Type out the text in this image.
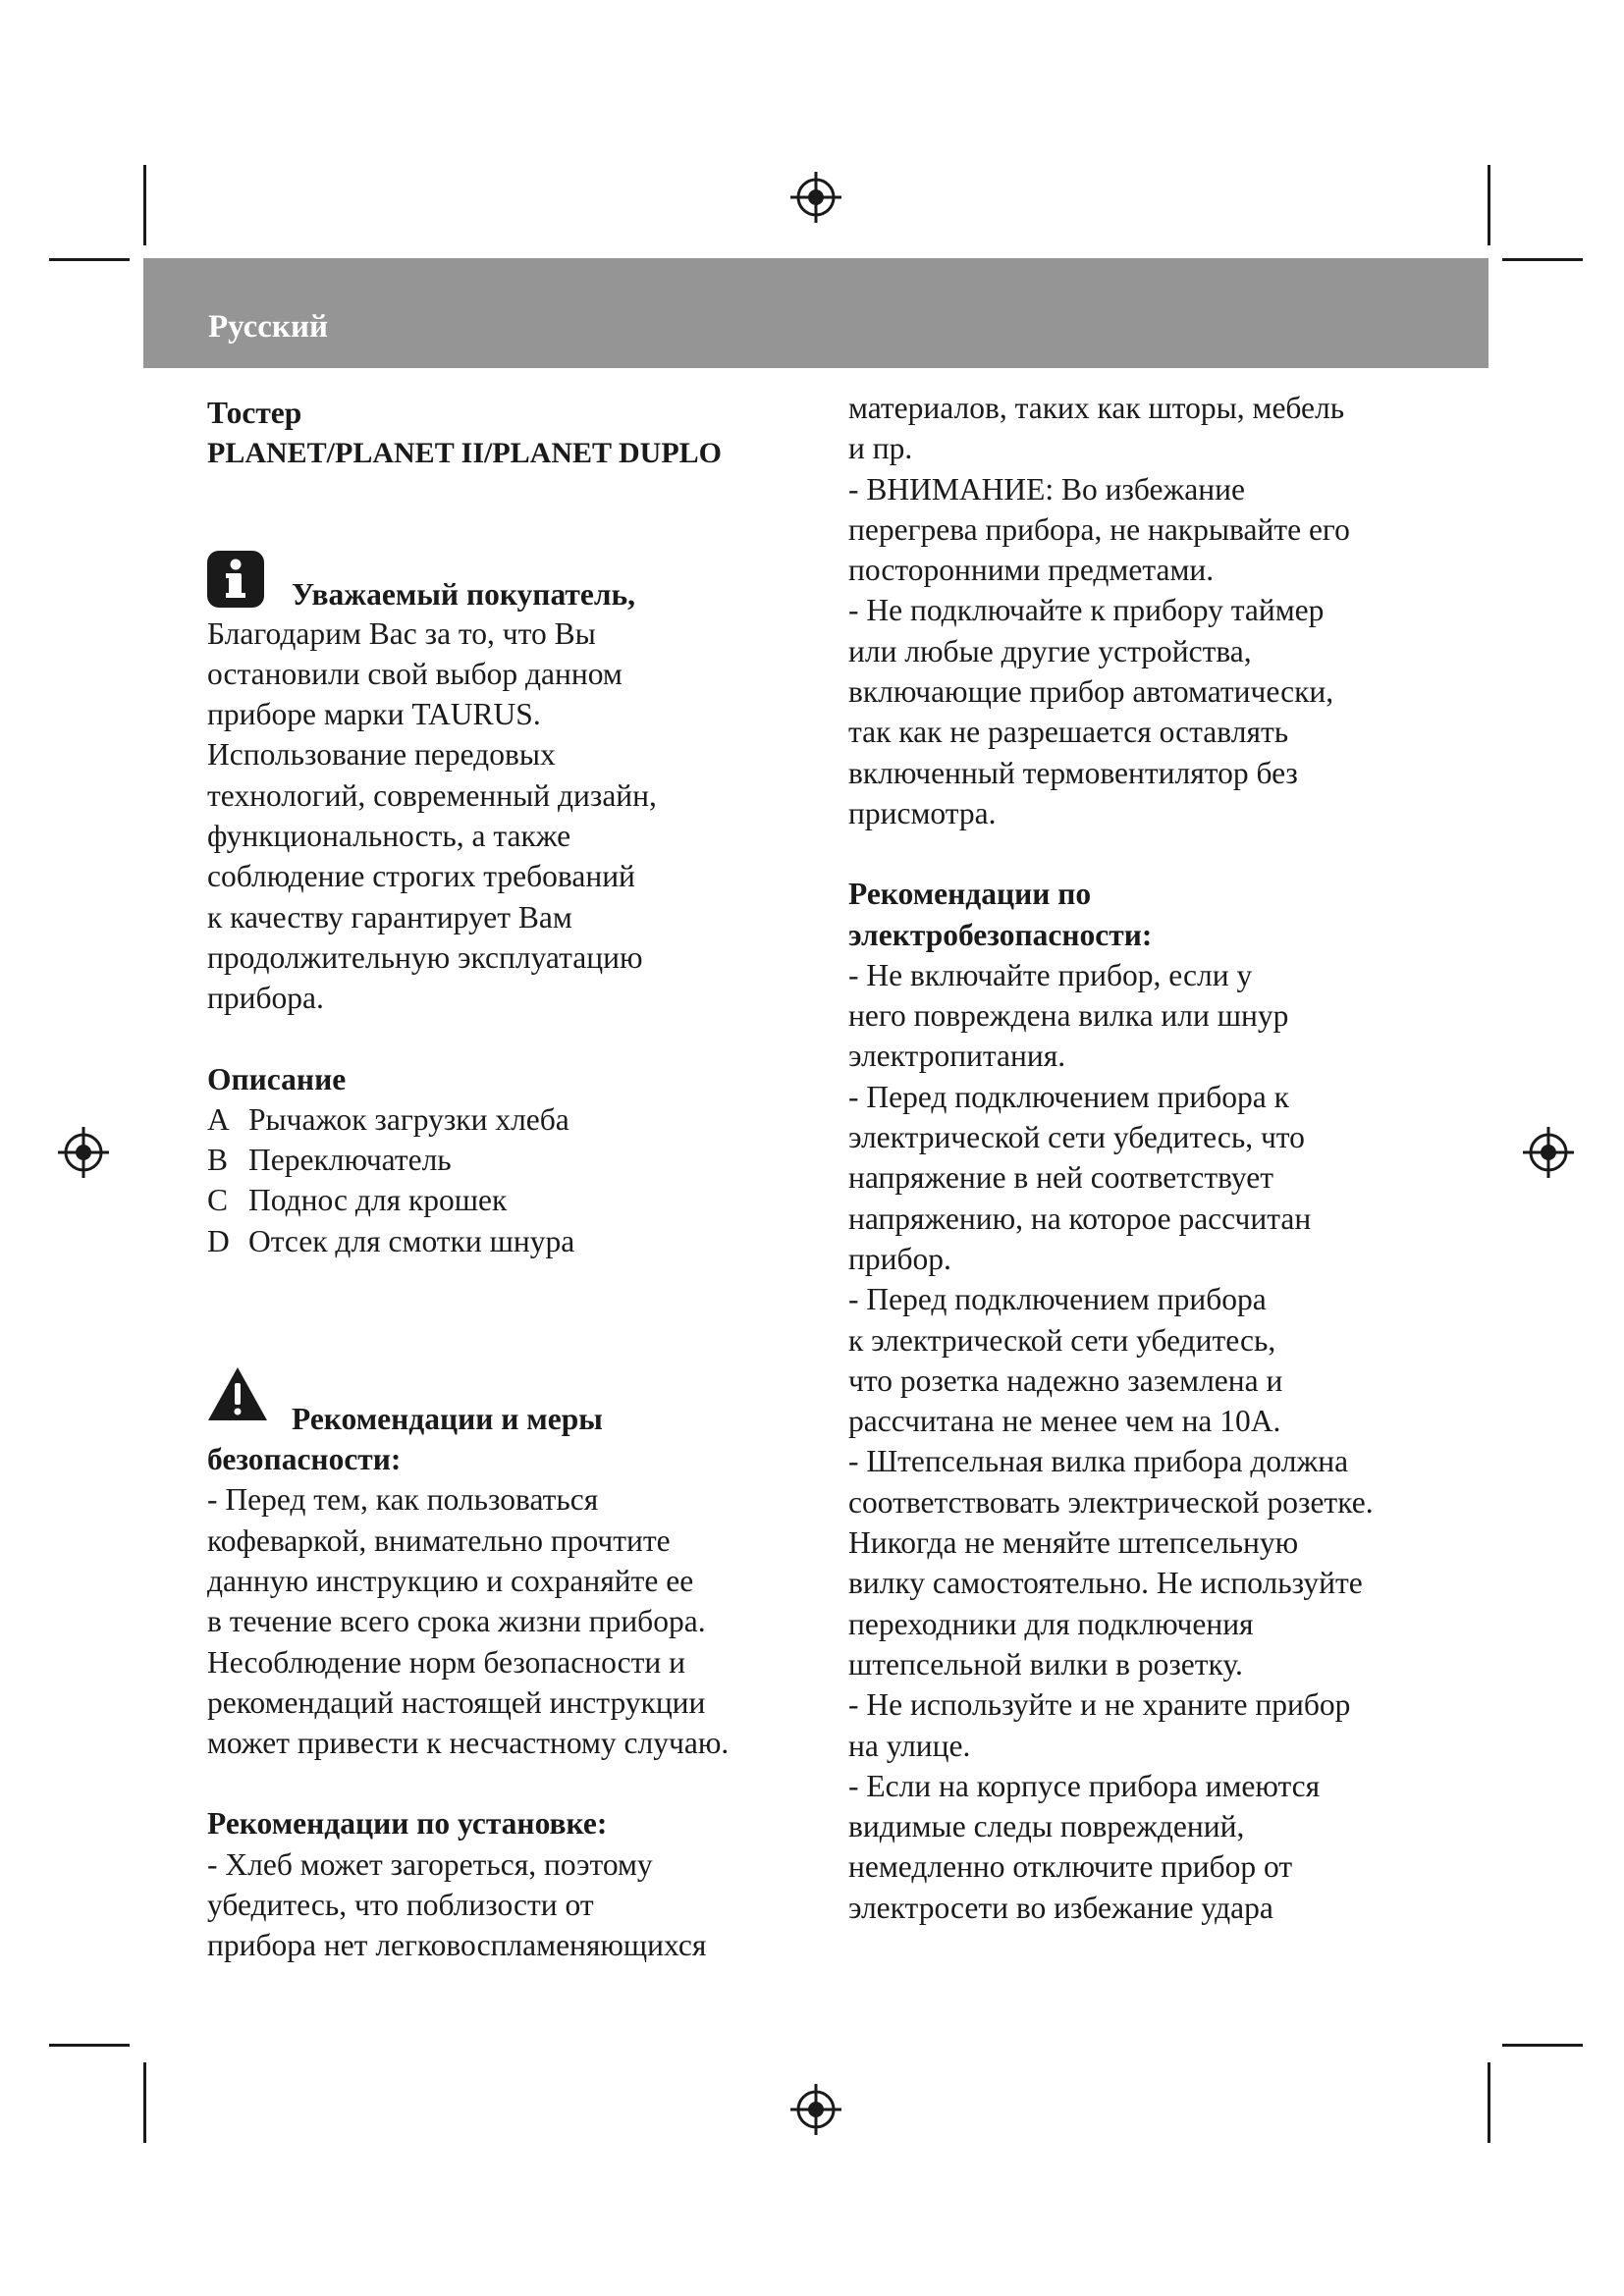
Русский
Тостер
PLANET/PLANET II/PLANET DUPLO
Уважаемый покупатель,
Благодарим Вас за то, что Вы
остановили свой выбор данном
приборе марки TAURUS.
Использование передовых
технологий, современный дизайн,
функциональность, а также
соблюдение строгих требований
к качеству гарантирует Вам
продолжительную эксплуатацию
прибора.
Описание
A Рычажок загрузки хлеба
B Переключатель
C Поднос для крошек
D Отсек для смотки шнура
Рекомендации и меры
безопасности:
- Перед тем, как пользоваться
кофеваркой, внимательно прочтите
данную инструкцию и сохраняйте ее
в течение всего срока жизни прибора.
Несоблюдение норм безопасности и
рекомендаций настоящей инструкции
может привести к несчастному случаю.
Рекомендации по установке:
- Хлеб может загореться, поэтому
убедитесь, что поблизости от
прибора нет легковоспламеняющихся
материалов, таких как шторы, мебель
и пр.
- ВНИМАНИЕ: Во избежание
перегрева прибора, не накрывайте его
посторонними предметами.
- Не подключайте к прибору таймер
или любые другие устройства,
включающие прибор автоматически,
так как не разрешается оставлять
включенный термовентилятор без
присмотра.
Рекомендации по
электробезопасности:
- Не включайте прибор, если у
него повреждена вилка или шнур
электропитания.
- Перед подключением прибора к
электрической сети убедитесь, что
напряжение в ней соответствует
напряжению, на которое рассчитан
прибор.
- Перед подключением прибора
к электрической сети убедитесь,
что розетка надежно заземлена и
рассчитана не менее чем на 10А.
- Штепсельная вилка прибора должна
соответствовать электрической розетке.
Никогда не меняйте штепсельную
вилку самостоятельно. Не используйте
переходники для подключения
штепсельной вилки в розетку.
- Не используйте и не храните прибор
на улице.
- Если на корпусе прибора имеются
видимые следы повреждений,
немедленно отключите прибор от
электросети во избежание удара
